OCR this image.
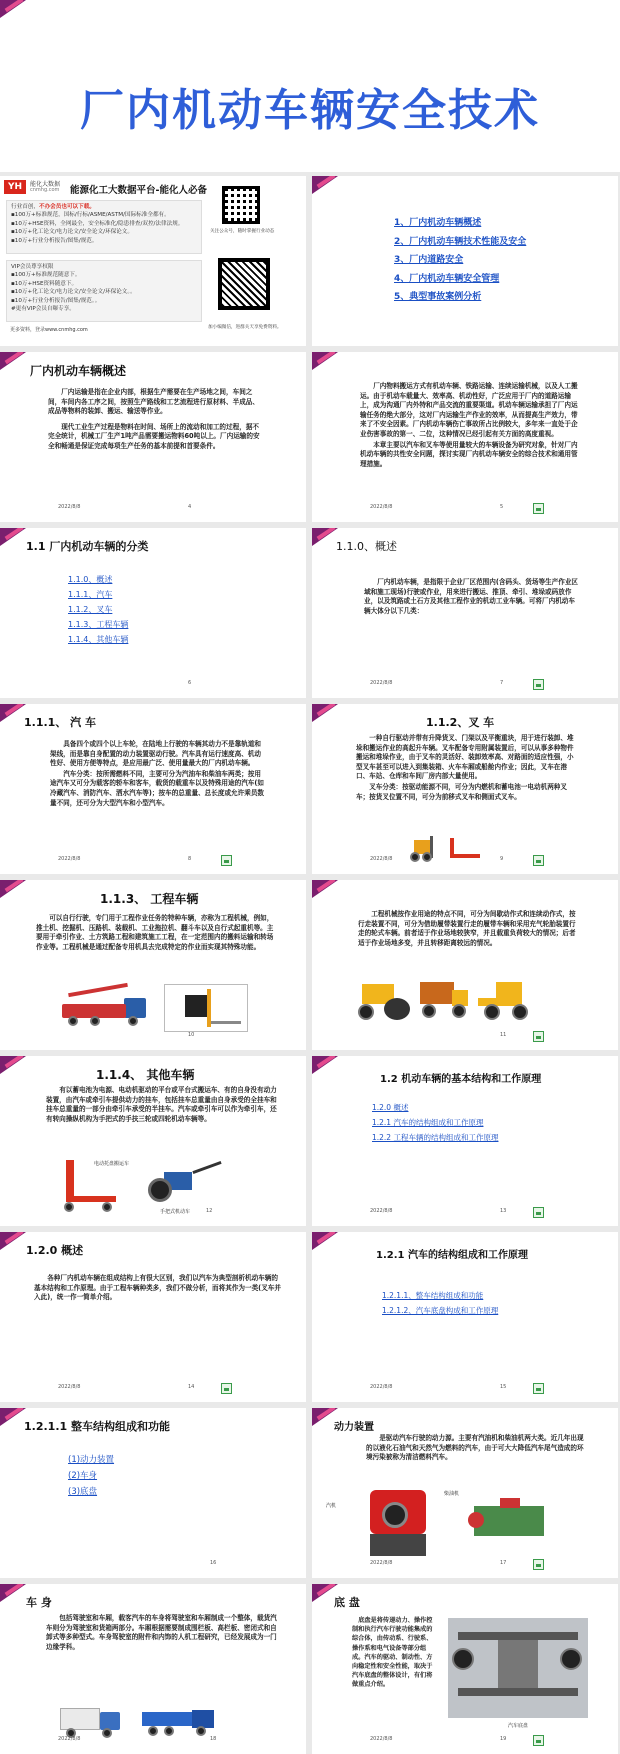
厂内机动车辆安全技术
YH	能化大数据
cnmhg.com 能源化工大数据平台-能化人必备
行业首创，不办会员也可以下载。
▪100万+标准规范，国标/行标/ASME/ASTM/国际标准全都有。
▪10万+HSE资料，全网最全，安全标准化/隐患排查/双控/法律法规。
▪10万+化工论文/电力论文/安全论文/环保论文。
▪10万+行业分析报告/图集/规范。
VIP会员尊享权限
▪100万+标准规范随意下。
▪10万+HSE资料随意下。
▪10万+化工论文/电力论文/安全论文/环保论文。。
▪10万+行业分析报告/图集/规范。。
#更有VIP会员自曝专享。
更多资料，登录www.cnmhg.com
关注公众号，随时掌握行业动态
加小编微信，进群关天享免费资料。
1、厂内机动车辆概述
2、厂内机动车辆技术性能及安全
3、厂内道路安全
4、厂内机动车辆安全管理
5、典型事故案例分析
厂内机动车辆概述

厂内运输是指在企业内部，根据生产需要在生产场地之间，车间之间，车间内各工序之间，按照生产路线和工艺流程进行原材料、半成品、成品等物料的装卸、搬运、输送等作业。

现代工业生产过程是物料在时间、场所上的流动和加工的过程，据不完全统计，机械工厂生产1吨产品需要搬运物料60吨以上。厂内运输的安全和畅通是保证完成每项生产任务的基本前提和首要条件。

2022/8/8	4

厂内物料搬运方式有机动车辆、铁路运输、连续运输机械，以及人工搬运。由于机动车载量大、效率高、机动性好，广泛应用于厂内的道路运输上，成为沟通厂内外特和产品交流的重要渠道。机动车辆运输承担了厂内运输任务的绝大部分，这对厂内运输生产作业的效率，从而提高生产效力，带来了不安全因素。厂内机动车辆伤亡事故所占比例较大，多年来一直处于企业伤害事故的第一、二位，这种情况已经引起有关方面的高度重视。

本章主要以汽车和叉车等使用量较大的车辆设备为研究对象，针对厂内机动车辆的共性安全问题，探讨实现厂内机动车辆安全的综合技术和通用管理措施。

2022/8/8	5
1.1 厂内机动车辆的分类
1.1.0、概述
1.1.1、汽车
1.1.2、叉车
1.1.3、工程车辆
1.1.4、其他车辆
6
1.1.0、概述

厂内机动车辆，是指限于企业厂区范围内(含码头、货场等生产作业区域和施工现场)行驶或作业，用来进行搬运、推顶、牵引、堆垛或码放作业，以及筑路或土石方及其他工程作业的机动工业车辆。可将厂内机动车辆大体分以下几类：

2022/8/8	7
1.1.1、 汽 车

具备四个或四个以上车轮，在陆地上行驶的车辆其动力不是靠轨道和架线，而是靠自身配置的动力装置驱动行驶。汽车具有运行速度高、机动性好、使用方便等特点，是应用最广泛、使用量最大的厂内机动车辆。

汽车分类：按所需燃料不同，主要可分为汽油车和柴油车两类；按用途汽车又可分为载客的轿车和客车，载货的载重车以及特殊用途的汽车(如冷藏汽车、消防汽车、洒水汽车等)；按车的总重量、总长度或允许乘员数量不同，还可分为大型汽车和小型汽车。

2022/8/8	8
1.1.2、叉 车

一种自行驱动并带有升降货叉、门架以及平衡重块，用于进行装卸、堆垛和搬运作业的高起升车辆。叉车配备专用附属装置后，可以从事多种物件搬运和堆垛作业，由于叉车的灵活好、装卸效率高、对路面的适应性强，小型叉车甚至可以进入到集装箱、火车车厢或船舱内作业；因此，叉车在港口、车站、仓库和车间厂房内部大量使用。

叉车分类：按驱动能源不同，可分为内燃机和蓄电池一电动机两种叉车；按货叉位置不同，可分为前移式叉车和侧面式叉车。

2022/8/8	9
1.1.3、 工程车辆

可以自行行驶，专门用于工程作业任务的特种车辆，亦称为工程机械，例如，推土机、挖掘机、压路机、装载机、工业拖拉机、翻斗车以及自行式起重机等。主要用于牵引作业、土方筑路工程和建筑施工工程，在一定范围内的搬料运输和转场作业等。工程机械是通过配备专用机具去完成特定的作业而实现其特殊功能。

10

工程机械按作业用途的特点不同，可分为间歇动作式和连续动作式，按行走装置不同，可分为借助履带装置行走的履带车辆和采用充气轮胎装置行走的轮式车辆。前者适于作业场地较狭窄，并且载重负荷较大的情况；后者适于作业场地多变，并且转移距离较远的情况。

11
1.1.4、 其他车辆

有以蓄电池为电源、电动机驱动的平台或平台式搬运车、有的自身没有动力装置，由汽车或牵引车提供动力的挂车，包括挂车总重量由自身承受的全挂车和挂车总重量的一部分由牵引车承受的半挂车。汽车或牵引车可以作为牵引车，还有转向操纵机构为手把式的手扶三轮或四轮机动车辆等。

电动托盘搬运车
手把式机动车	12
1.2 机动车辆的基本结构和工作原理
1.2.0 概述
1.2.1 汽车的结构组成和工作原理
1.2.2 工程车辆的结构组成和工作原理
2022/8/8	13
1.2.0 概述

各种厂内机动车辆在组成结构上有很大区别，我们以汽车为典型剖析机动车辆的基本结构和工作原理。由于工程车辆种类多，我们不做分析，而将其作为一类(叉车并入此)，统一作一简单介绍。

2022/8/8	14
1.2.1 汽车的结构组成和工作原理
1.2.1.1、整车结构组成和功能
1.2.1.2、汽车底盘构成和工作原理
2022/8/8	15
1.2.1.1 整车结构组成和功能
(1)动力装置
(2)车身
(3)底盘
16
动力装置

是驱动汽车行驶的动力源。主要有汽油机和柴油机两大类。近几年出现的以液化石油气和天然气为燃料的汽车，由于可大大降低汽车尾气造成的环境污染被称为清洁燃料汽车。

汽机
柴油机
2022/8/8	17
车 身

包括驾驶室和车厢，载客汽车的车身将驾驶室和车厢制成一个整体，载货汽车则分为驾驶室和货箱两部分。车厢根据需要制成围栏板、高栏板、密闭式和自卸式等多种型式。车身驾驶室的附件和内饰的人机工程研究，已经发展成为一门边缘学科。

2022/8/8	18
底 盘

底盘是将传递动力、操作控制和执行汽车行驶功能集成的综合体，由传动系、行驶系、操作系和电气设备等部分组成。汽车的驱动、制动性、方向稳定性和安全性能，取决于汽车底盘的整体设计，有们将做重点介绍。

汽车底盘
2022/8/8	19
